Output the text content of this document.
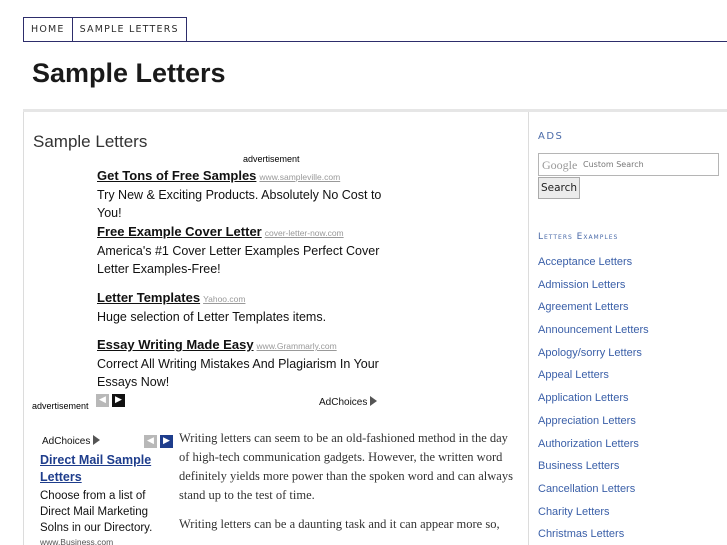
HOME	SAMPLE LETTERS
Sample Letters
Sample Letters
advertisement
Get Tons of Free Samples www.sampleville.com
Try New & Exciting Products. Absolutely No Cost to You!
Free Example Cover Letter cover-letter-now.com
America's #1 Cover Letter Examples Perfect Cover Letter Examples-Free!
Letter Templates Yahoo.com
Huge selection of Letter Templates items.
Essay Writing Made Easy www.Grammarly.com
Correct All Writing Mistakes And Plagiarism In Your Essays Now!
advertisement
◀	▶	AdChoices
AdChoices	◀	▶
Direct Mail Sample Letters
Choose from a list of Direct Mail Marketing Solns in our Directory.
www.Business.com

Writing letters can seem to be an old-fashioned method in the day of high-tech communication gadgets. However, the written word definitely yields more power than the spoken word and can always stand up to the test of time.

Writing letters can be a daunting task and it can appear more so,

ADS
Google Custom Search
Search
Letters Examples
Acceptance Letters
Admission Letters
Agreement Letters
Announcement Letters
Apology/sorry Letters
Appeal Letters
Application Letters
Appreciation Letters
Authorization Letters
Business Letters
Cancellation Letters
Charity Letters
Christmas Letters
